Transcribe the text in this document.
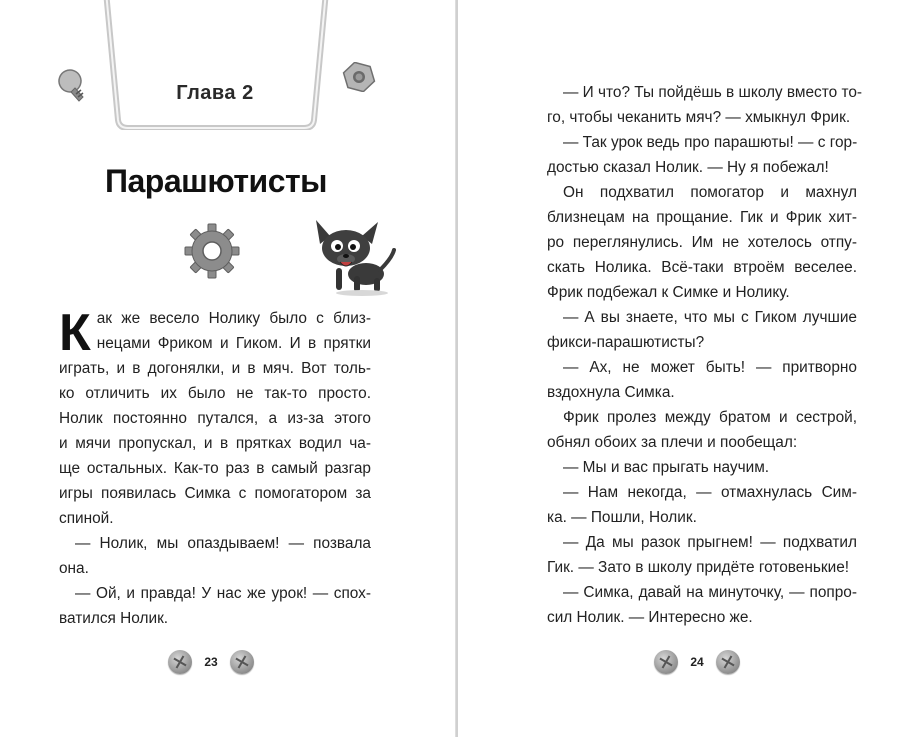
Глава 2
Парашютисты
К ак же весело Нолику было с близ-
нецами Фриком и Гиком. И в прятки
играть, и в догонялки, и в мяч. Вот толь-
ко отличить их было не так-то просто.
Нолик постоянно путался, а из-за этого
и мячи пропускал, и в прятках водил ча-
ще остальных. Как-то раз в самый разгар
игры появилась Симка с помогатором за
спиной.
— Нолик, мы опаздываем! — позвала
она.
— Ой, и правда! У нас же урок! — спох-
ватился Нолик.
23
— И что? Ты пойдёшь в школу вместо то-
го, чтобы чеканить мяч? — хмыкнул Фрик.
— Так урок ведь про парашюты! — с гор-
достью сказал Нолик. — Ну я побежал!
Он подхватил помогатор и махнул
близнецам на прощание. Гик и Фрик хит-
ро переглянулись. Им не хотелось отпу-
скать Нолика. Всё-таки втроём веселее.
Фрик подбежал к Симке и Нолику.
— А вы знаете, что мы с Гиком лучшие
фикси-парашютисты?
— Ах, не может быть! — притворно
вздохнула Симка.
Фрик пролез между братом и сестрой,
обнял обоих за плечи и пообещал:
— Мы и вас прыгать научим.
— Нам некогда, — отмахнулась Сим-
ка. — Пошли, Нолик.
— Да мы разок прыгнем! — подхватил
Гик. — Зато в школу придёте готовенькие!
— Симка, давай на минуточку, — попро-
сил Нолик. — Интересно же.
24
